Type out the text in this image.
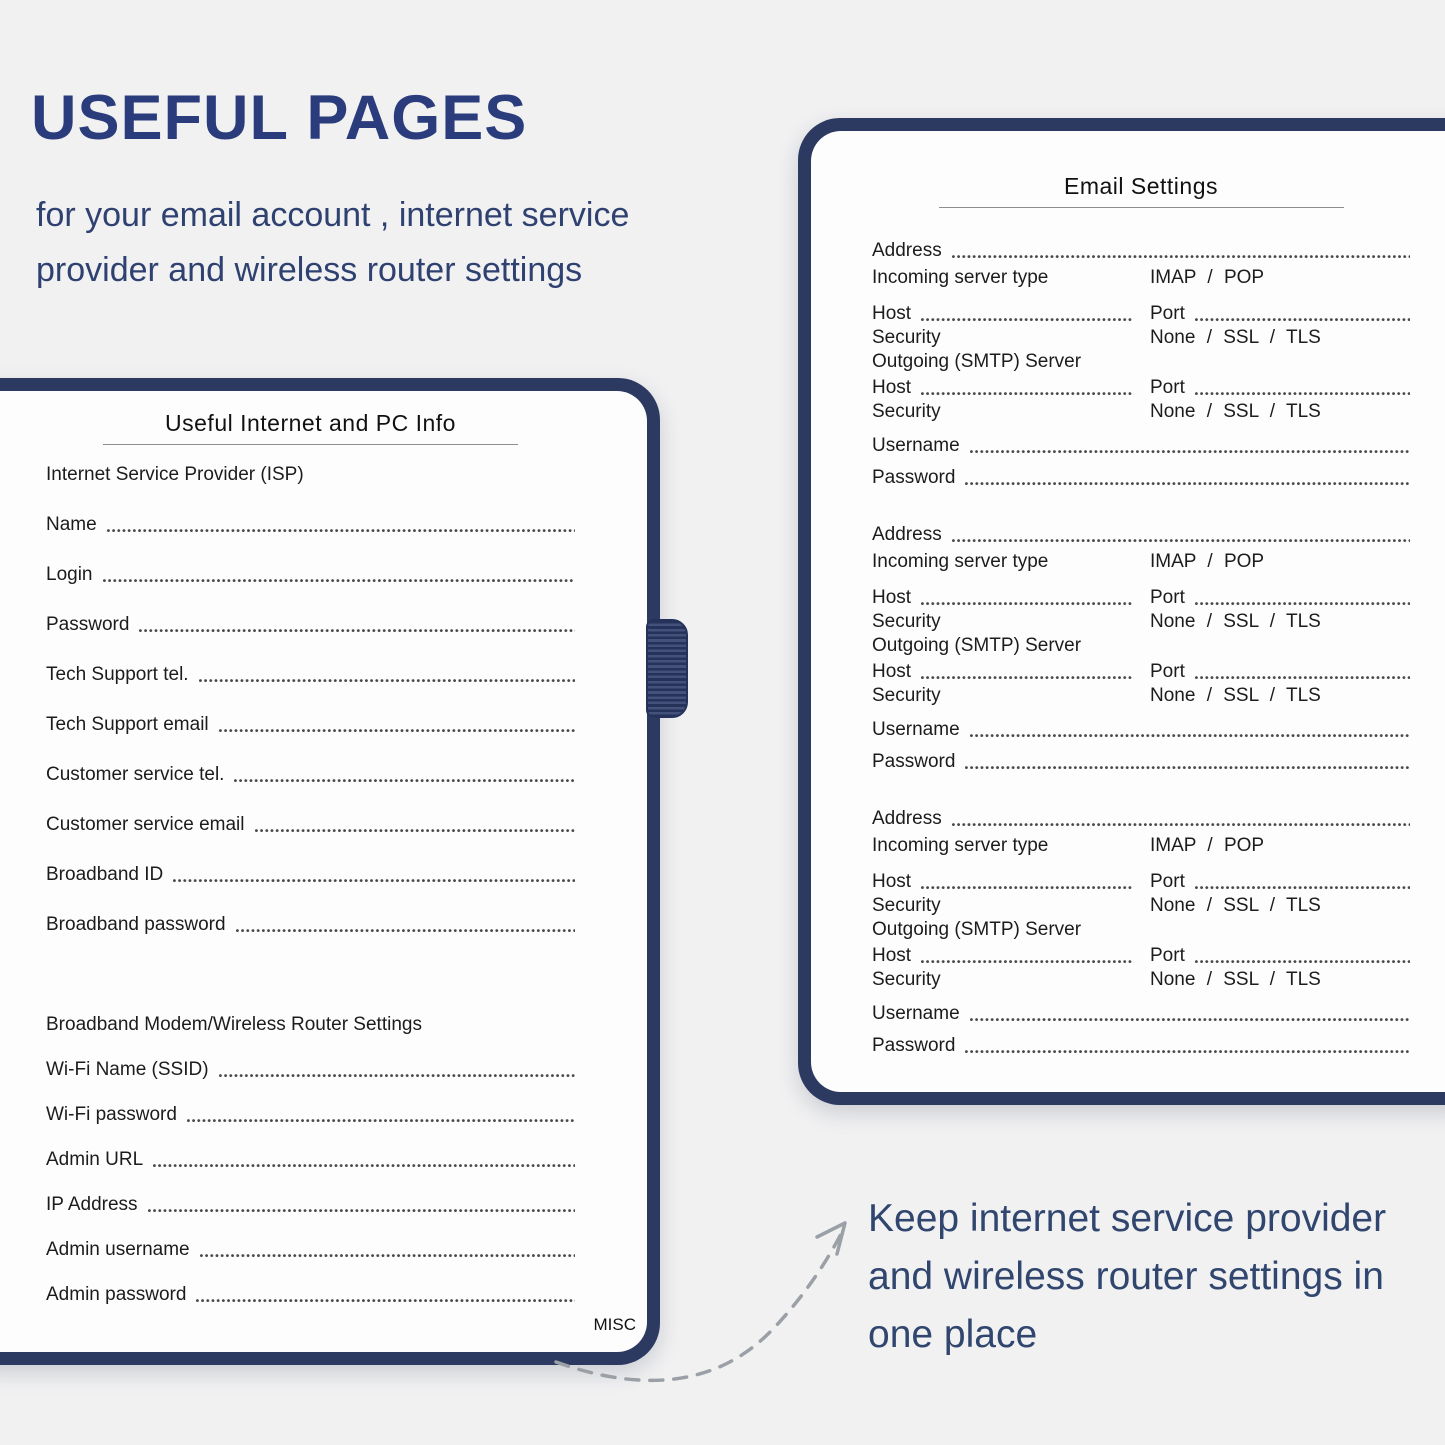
USEFUL PAGES
for your email account , internet service
provider and wireless router settings
Useful Internet and PC Info
Internet Service Provider (ISP)
Name
Login
Password
Tech Support tel.
Tech Support email
Customer service tel.
Customer service email
Broadband ID
Broadband password
Broadband Modem/Wireless Router Settings
Wi-Fi Name (SSID)
Wi-Fi password
Admin URL
IP Address
Admin username
Admin password
MISC
Email Settings
Address
Incoming server type	IMAP / POP
Host	Port
Security	None / SSL / TLS
Outgoing (SMTP) Server
Host	Port
Security	None / SSL / TLS
Username
Password
Address
Incoming server type	IMAP / POP
Host	Port
Security	None / SSL / TLS
Outgoing (SMTP) Server
Host	Port
Security	None / SSL / TLS
Username
Password
Address
Incoming server type	IMAP / POP
Host	Port
Security	None / SSL / TLS
Outgoing (SMTP) Server
Host	Port
Security	None / SSL / TLS
Username
Password
Keep internet service provider
and wireless router settings in
one place
